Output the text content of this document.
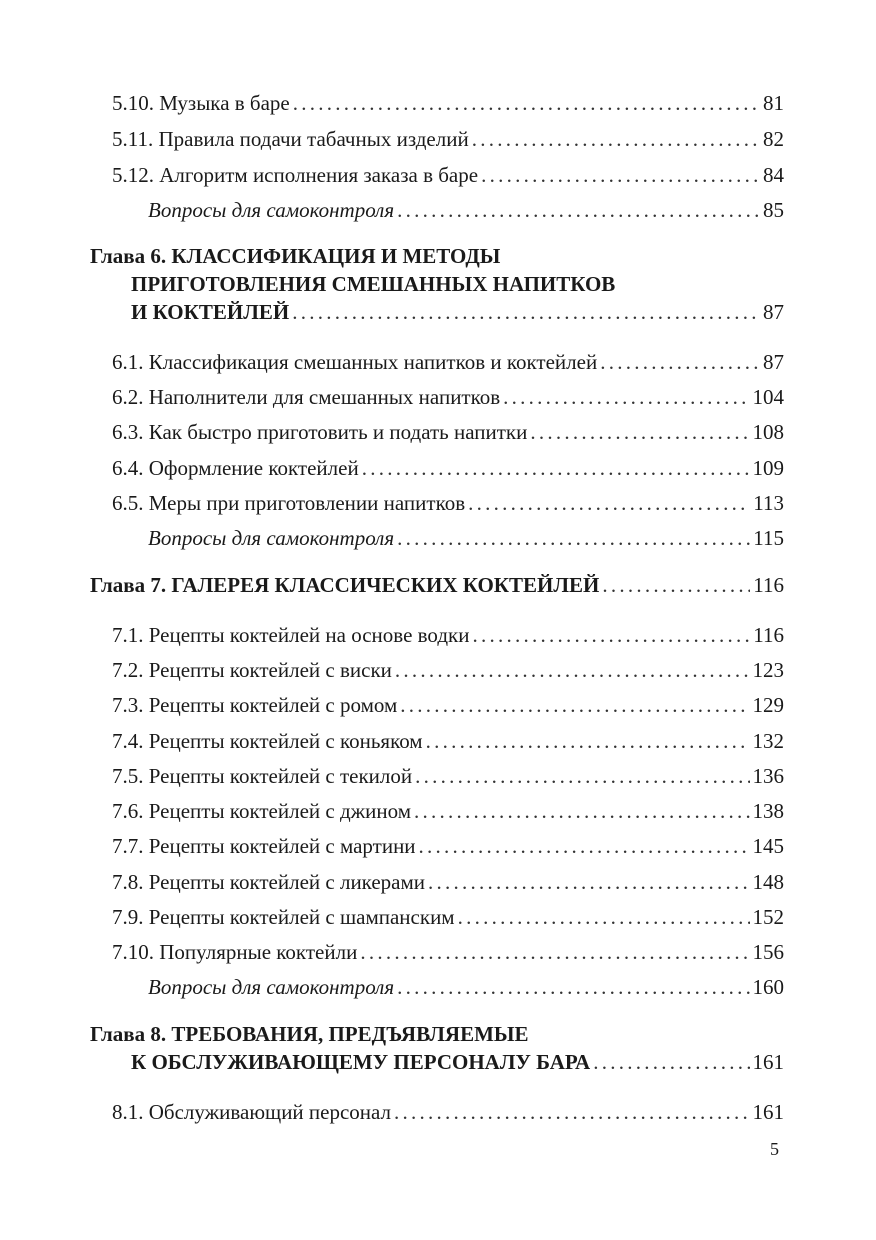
5.10. Музыка в баре . . .	81
5.11. Правила подачи табачных изделий . . .	82
5.12. Алгоритм исполнения заказа в баре . . .	84
Вопросы для самоконтроля . . .	85
Глава 6. КЛАССИФИКАЦИЯ И МЕТОДЫ
ПРИГОТОВЛЕНИЯ СМЕШАННЫХ НАПИТКОВ
И КОКТЕЙЛЕЙ . . .	87
6.1. Классификация смешанных напитков и коктейлей . . .	87
6.2. Наполнители для смешанных напитков . . .	104
6.3. Как быстро приготовить и подать напитки . . .	108
6.4. Оформление коктейлей . . .	109
6.5. Меры при приготовлении напитков . . .	113
Вопросы для самоконтроля . . .	115
Глава 7. ГАЛЕРЕЯ КЛАССИЧЕСКИХ КОКТЕЙЛЕЙ . . .	116
7.1. Рецепты коктейлей на основе водки . . .	116
7.2. Рецепты коктейлей с виски . . .	123
7.3. Рецепты коктейлей с ромом . . .	129
7.4. Рецепты коктейлей с коньяком . . .	132
7.5. Рецепты коктейлей с текилой . . .	136
7.6. Рецепты коктейлей с джином . . .	138
7.7. Рецепты коктейлей с мартини . . .	145
7.8. Рецепты коктейлей с ликерами . . .	148
7.9. Рецепты коктейлей с шампанским . . .	152
7.10. Популярные коктейли . . .	156
Вопросы для самоконтроля . . .	160
Глава 8. ТРЕБОВАНИЯ, ПРЕДЪЯВЛЯЕМЫЕ
К ОБСЛУЖИВАЮЩЕМУ ПЕРСОНАЛУ БАРА . . .	161
8.1. Обслуживающий персонал . . .	161
5
